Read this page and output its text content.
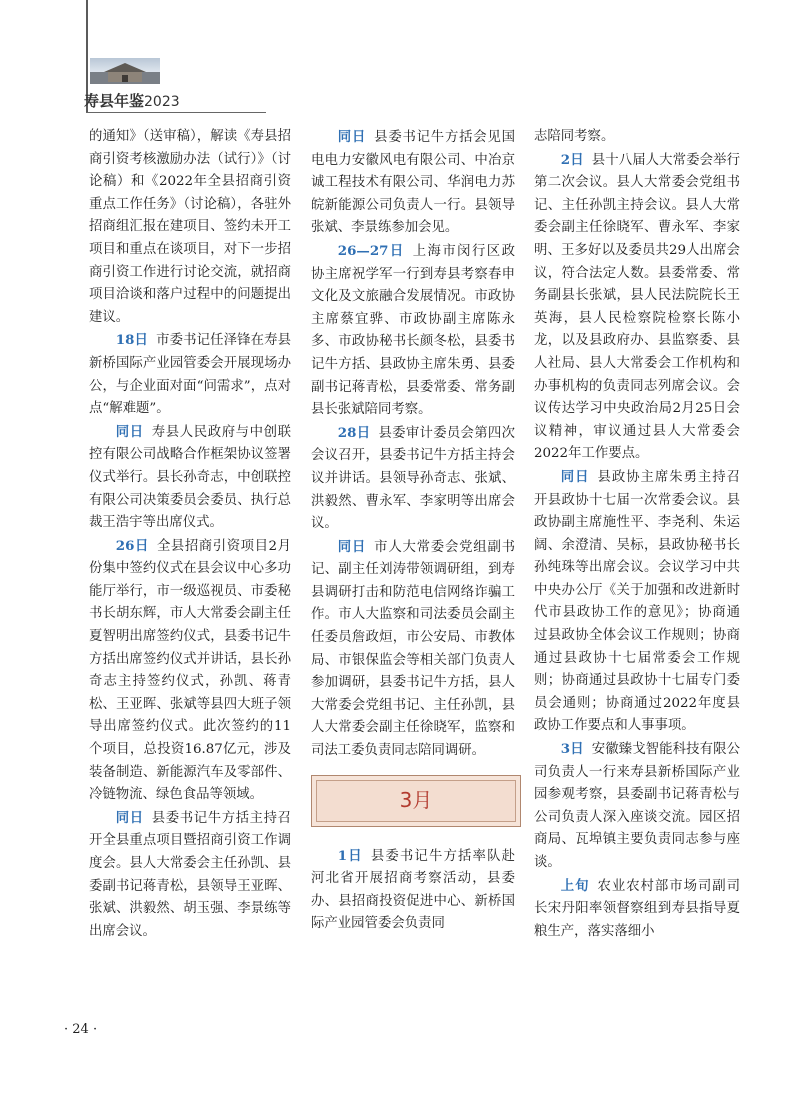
寿县年鉴2023

的通知》（送审稿），解读《寿县招商引资考核激励办法（试行）》（讨论稿）和《2022年全县招商引资重点工作任务》（讨论稿），各驻外招商组汇报在建项目、签约未开工项目和重点在谈项目，对下一步招商引资工作进行讨论交流，就招商项目洽谈和落户过程中的问题提出建议。

18日 市委书记任泽锋在寿县新桥国际产业园管委会开展现场办公，与企业面对面“问需求”，点对点“解难题”。

同日 寿县人民政府与中创联控有限公司战略合作框架协议签署仪式举行。县长孙奇志，中创联控有限公司决策委员会委员、执行总裁王浩宇等出席仪式。

26日 全县招商引资项目2月份集中签约仪式在县会议中心多功能厅举行，市一级巡视员、市委秘书长胡东辉，市人大常委会副主任夏智明出席签约仪式，县委书记牛方括出席签约仪式并讲话，县长孙奇志主持签约仪式，孙凯、蒋青松、王亚晖、张斌等县四大班子领导出席签约仪式。此次签约的11个项目，总投资16.87亿元，涉及装备制造、新能源汽车及零部件、冷链物流、绿色食品等领域。

同日 县委书记牛方括主持召开全县重点项目暨招商引资工作调度会。县人大常委会主任孙凯、县委副书记蒋青松，县领导王亚晖、张斌、洪毅然、胡玉强、李景练等出席会议。

同日 县委书记牛方括会见国电电力安徽风电有限公司、中冶京诚工程技术有限公司、华润电力苏皖新能源公司负责人一行。县领导张斌、李景练参加会见。

26—27日 上海市闵行区政协主席祝学军一行到寿县考察春申文化及文旅融合发展情况。市政协主席蔡宜骅、市政协副主席陈永多、市政协秘书长颜冬松，县委书记牛方括、县政协主席朱勇、县委副书记蒋青松，县委常委、常务副县长张斌陪同考察。

28日 县委审计委员会第四次会议召开，县委书记牛方括主持会议并讲话。县领导孙奇志、张斌、洪毅然、曹永军、李家明等出席会议。

同日 市人大常委会党组副书记、副主任刘涛带领调研组，到寿县调研打击和防范电信网络诈骗工作。市人大监察和司法委员会副主任委员詹政烜，市公安局、市教体局、市银保监会等相关部门负责人参加调研，县委书记牛方括，县人大常委会党组书记、主任孙凯，县人大常委会副主任徐晓军，监察和司法工委负责同志陪同调研。

3月

1日 县委书记牛方括率队赴河北省开展招商考察活动，县委办、县招商投资促进中心、新桥国际产业园管委会负责同

志陪同考察。

2日 县十八届人大常委会举行第二次会议。县人大常委会党组书记、主任孙凯主持会议。县人大常委会副主任徐晓军、曹永军、李家明、王多好以及委员共29人出席会议，符合法定人数。县委常委、常务副县长张斌，县人民法院院长王英海，县人民检察院检察长陈小龙，以及县政府办、县监察委、县人社局、县人大常委会工作机构和办事机构的负责同志列席会议。会议传达学习中央政治局2月25日会议精神，审议通过县人大常委会2022年工作要点。

同日 县政协主席朱勇主持召开县政协十七届一次常委会议。县政协副主席施性平、李尧利、朱运阔、余澄清、吴标，县政协秘书长孙纯珠等出席会议。会议学习中共中央办公厅《关于加强和改进新时代市县政协工作的意见》；协商通过县政协全体会议工作规则；协商通过县政协十七届常委会工作规则；协商通过县政协十七届专门委员会通则；协商通过2022年度县政协工作要点和人事事项。

3日 安徽臻戈智能科技有限公司负责人一行来寿县新桥国际产业园参观考察，县委副书记蒋青松与公司负责人深入座谈交流。园区招商局、瓦埠镇主要负责同志参与座谈。

上旬 农业农村部市场司副司长宋丹阳率领督察组到寿县指导夏粮生产，落实落细小

· 24 ·
